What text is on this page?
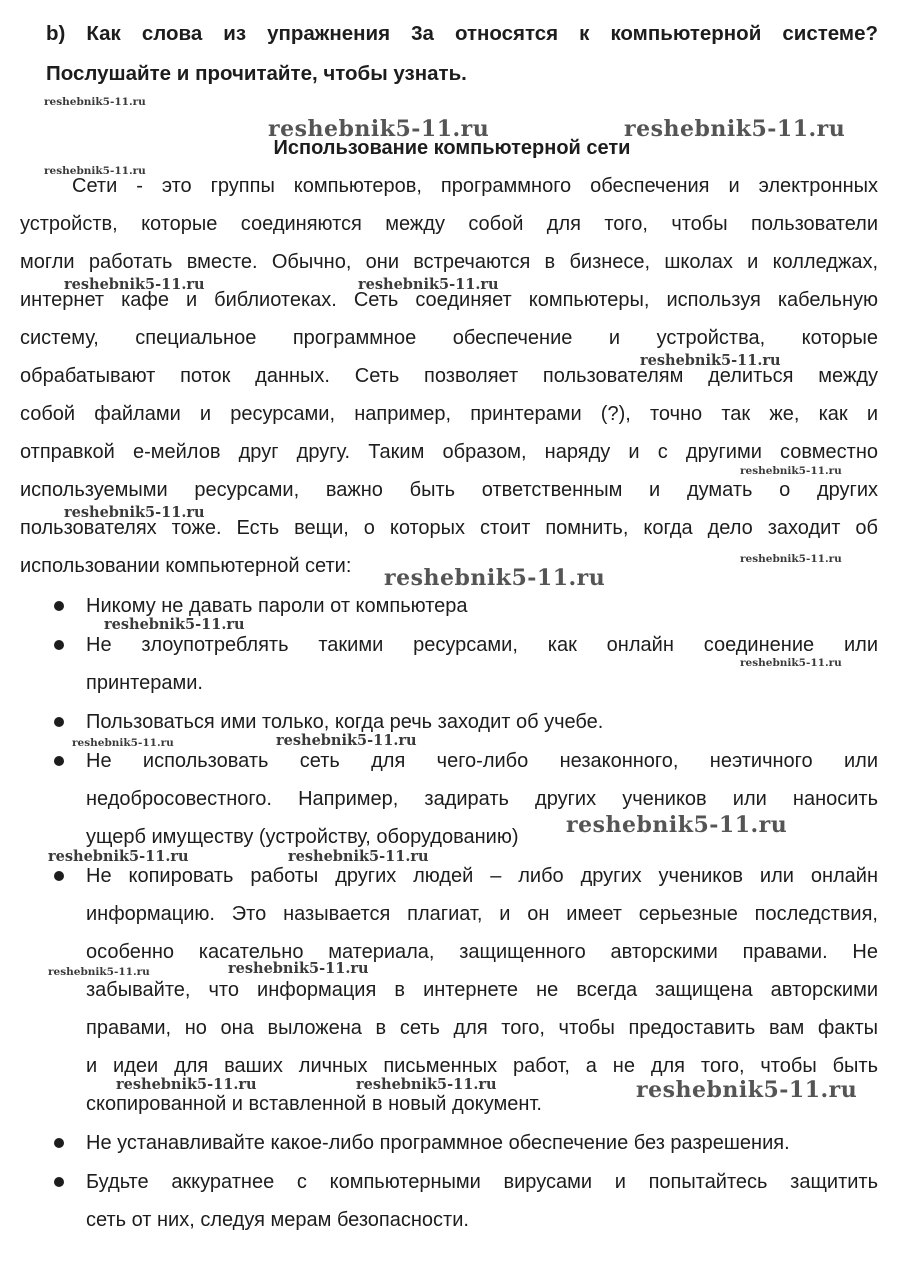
b) Как слова из упражнения 3a относятся к компьютерной системе?
Послушайте и прочитайте, чтобы узнать.
Использование компьютерной сети
Сети - это группы компьютеров, программного обеспечения и электронных
устройств, которые соединяются между собой для того, чтобы пользователи
могли работать вместе. Обычно, они встречаются в бизнесе, школах и колледжах,
интернет кафе и библиотеках. Сеть соединяет компьютеры, используя кабельную
систему, специальное программное обеспечение и устройства, которые
обрабатывают поток данных. Сеть позволяет пользователям делиться между
собой файлами и ресурсами, например, принтерами (?), точно так же, как и
отправкой е-мейлов друг другу. Таким образом, наряду и с другими совместно
используемыми ресурсами, важно быть ответственным и думать о других
пользователях тоже. Есть вещи, о которых стоит помнить, когда дело заходит об
использовании компьютерной сети:
Никому не давать пароли от компьютера
Не злоупотреблять такими ресурсами, как онлайн соединение или
принтерами.
Пользоваться ими только, когда речь заходит об учебе.
Не использовать сеть для чего-либо незаконного, неэтичного или
недобросовестного. Например, задирать других учеников или наносить
ущерб имуществу (устройству, оборудованию)
Не копировать работы других людей – либо других учеников или онлайн
информацию. Это называется плагиат, и он имеет серьезные последствия,
особенно касательно материала, защищенного авторскими правами. Не
забывайте, что информация в интернете не всегда защищена авторскими
правами, но она выложена в сеть для того, чтобы предоставить вам факты
и идеи для ваших личных письменных работ, а не для того, чтобы быть
скопированной и вставленной в новый документ.
Не устанавливайте какое-либо программное обеспечение без разрешения.
Будьте аккуратнее с компьютерными вирусами и попытайтесь защитить
сеть от них, следуя мерам безопасности.
reshebnik5-11.ru
reshebnik5-11.ru	reshebnik5-11.ru
reshebnik5-11.ru
reshebnik5-11.ru	reshebnik5-11.ru
reshebnik5-11.ru
reshebnik5-11.ru
reshebnik5-11.ru
reshebnik5-11.ru
reshebnik5-11.ru
reshebnik5-11.ru
reshebnik5-11.ru
reshebnik5-11.ru	reshebnik5-11.ru
reshebnik5-11.ru
reshebnik5-11.ru	reshebnik5-11.ru
reshebnik5-11.ru	reshebnik5-11.ru
reshebnik5-11.ru	reshebnik5-11.ru	reshebnik5-11.ru
